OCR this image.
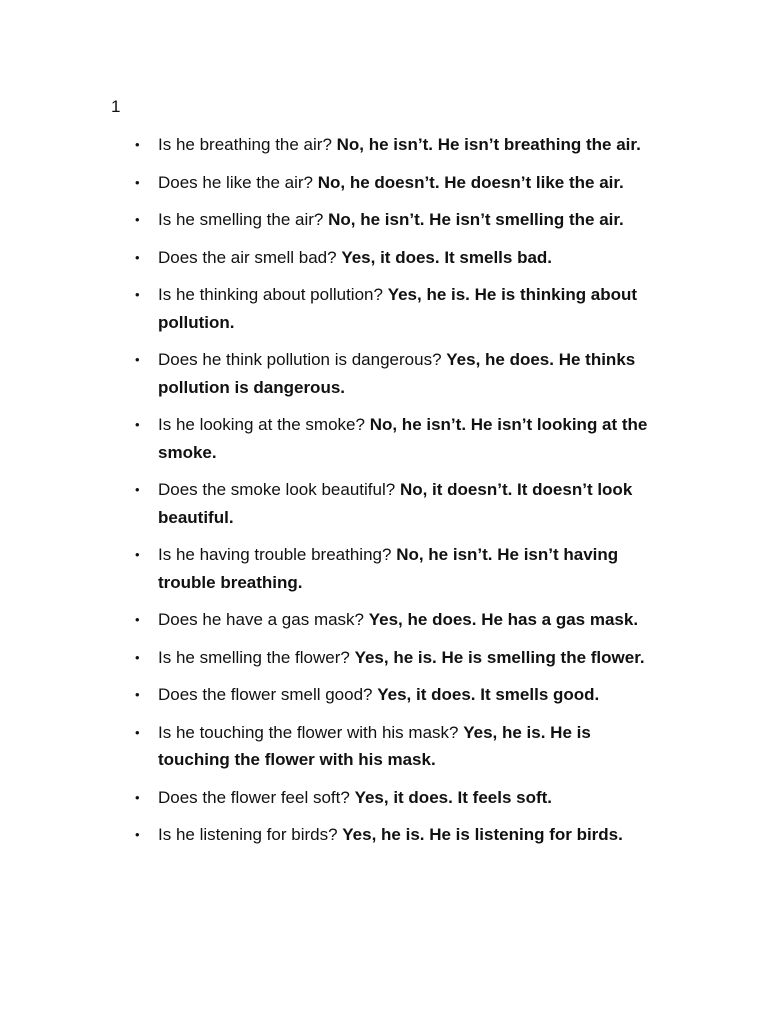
1
• Is he breathing the air? No, he isn’t. He isn’t breathing the air.
• Does he like the air? No, he doesn’t. He doesn’t like the air.
• Is he smelling the air? No, he isn’t. He isn’t smelling the air.
• Does the air smell bad? Yes, it does. It smells bad.
• Is he thinking about pollution? Yes, he is. He is thinking about pollution.
• Does he think pollution is dangerous? Yes, he does. He thinks pollution is dangerous.
• Is he looking at the smoke? No, he isn’t. He isn’t looking at the smoke.
• Does the smoke look beautiful? No, it doesn’t. It doesn’t look beautiful.
• Is he having trouble breathing? No, he isn’t. He isn’t having trouble breathing.
• Does he have a gas mask? Yes, he does. He has a gas mask.
• Is he smelling the flower? Yes, he is. He is smelling the flower.
• Does the flower smell good? Yes, it does. It smells good.
• Is he touching the flower with his mask? Yes, he is. He is touching the flower with his mask.
• Does the flower feel soft? Yes, it does. It feels soft.
• Is he listening for birds? Yes, he is. He is listening for birds.
